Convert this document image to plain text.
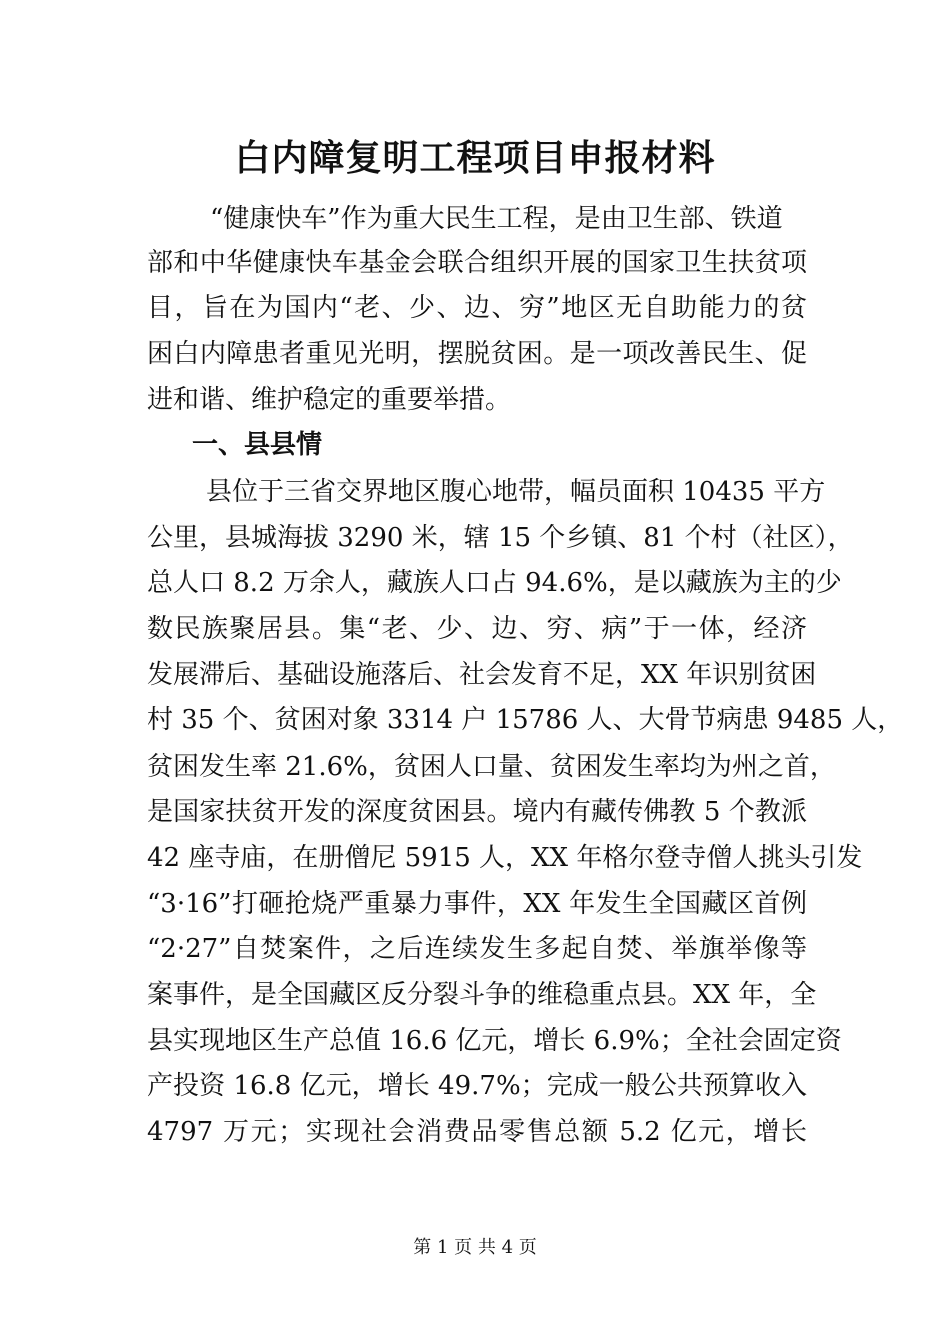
白内障复明工程项目申报材料
“健康快车”作为重大民生工程，是由卫生部、铁道
部和中华健康快车基金会联合组织开展的国家卫生扶贫项
目，旨在为国内“老、少、边、穷”地区无自助能力的贫
困白内障患者重见光明，摆脱贫困。是一项改善民生、促
进和谐、维护稳定的重要举措。
一、县县情
县位于三省交界地区腹心地带，幅员面积 10435 平方
公里，县城海拔 3290 米，辖 15 个乡镇、81 个村（社区），
总人口 8.2 万余人，藏族人口占 94.6%，是以藏族为主的少
数民族聚居县。集“老、少、边、穷、病”于一体，经济
发展滞后、基础设施落后、社会发育不足，XX 年识别贫困
村 35 个、贫困对象 3314 户 15786 人、大骨节病患 9485 人，
贫困发生率 21.6%，贫困人口量、贫困发生率均为州之首，
是国家扶贫开发的深度贫困县。境内有藏传佛教 5 个教派
42 座寺庙，在册僧尼 5915 人，XX 年格尔登寺僧人挑头引发
“3·16”打砸抢烧严重暴力事件，XX 年发生全国藏区首例
“2·27”自焚案件，之后连续发生多起自焚、举旗举像等
案事件，是全国藏区反分裂斗争的维稳重点县。XX 年，全
县实现地区生产总值 16.6 亿元，增长 6.9%；全社会固定资
产投资 16.8 亿元，增长 49.7%；完成一般公共预算收入
4797 万元；实现社会消费品零售总额 5.2 亿元，增长
第 1 页 共 4 页
